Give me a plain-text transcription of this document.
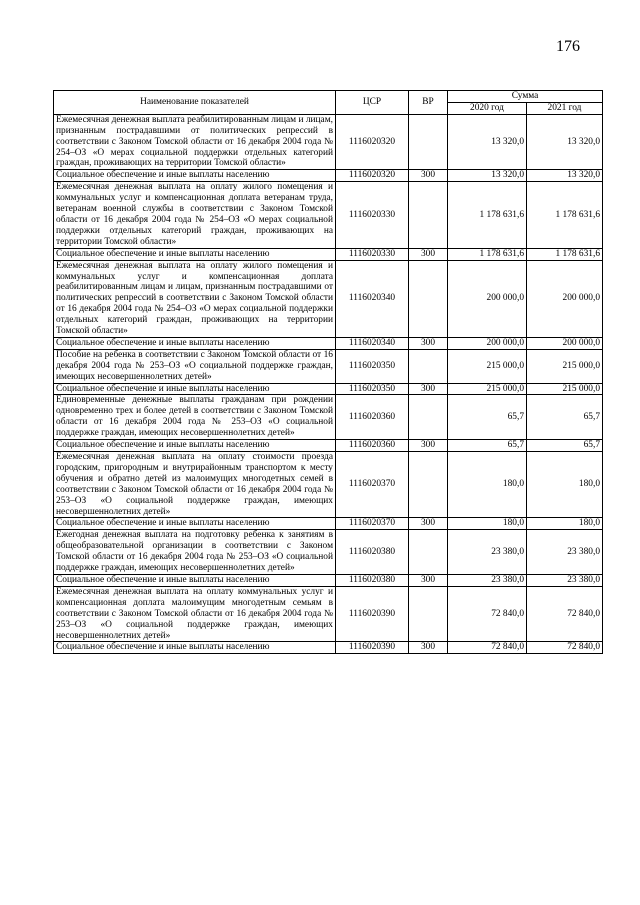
176
Наименование показателей	ЦСР	ВР	Сумма	
			2020 год	2021 год
Ежемесячная денежная выплата реабилитированным лицам и лицам, признанным пострадавшими от политических репрессий в соответствии с Законом Томской области от 16 декабря 2004 года № 254–ОЗ «О мерах социальной поддержки отдельных категорий граждан, проживающих на территории Томской области»	1116020320		13 320,0	13 320,0
Социальное обеспечение и иные выплаты населению	1116020320	300	13 320,0	13 320,0
Ежемесячная денежная выплата на оплату жилого помещения и коммунальных услуг и компенсационная доплата ветеранам труда, ветеранам военной службы в соответствии с Законом Томской области от 16 декабря 2004 года № 254–ОЗ «О мерах социальной поддержки отдельных категорий граждан, проживающих на территории Томской области»	1116020330		1 178 631,6	1 178 631,6
Социальное обеспечение и иные выплаты населению	1116020330	300	1 178 631,6	1 178 631,6
Ежемесячная денежная выплата на оплату жилого помещения и коммунальных услуг и компенсационная доплата реабилитированным лицам и лицам, признанным пострадавшими от политических репрессий в соответствии с Законом Томской области от 16 декабря 2004 года № 254–ОЗ «О мерах социальной поддержки отдельных категорий граждан, проживающих на территории Томской области»	1116020340		200 000,0	200 000,0
Социальное обеспечение и иные выплаты населению	1116020340	300	200 000,0	200 000,0
Пособие на ребенка в соответствии с Законом Томской области от 16 декабря 2004 года № 253–ОЗ «О социальной поддержке граждан, имеющих несовершеннолетних детей»	1116020350		215 000,0	215 000,0
Социальное обеспечение и иные выплаты населению	1116020350	300	215 000,0	215 000,0
Единовременные денежные выплаты гражданам при рождении одновременно трех и более детей в соответствии с Законом Томской области от 16 декабря 2004 года № 253–ОЗ «О социальной поддержке граждан, имеющих несовершеннолетних детей»	1116020360		65,7	65,7
Социальное обеспечение и иные выплаты населению	1116020360	300	65,7	65,7
Ежемесячная денежная выплата на оплату стоимости проезда городским, пригородным и внутрирайонным транспортом к месту обучения и обратно детей из малоимущих многодетных семей в соответствии с Законом Томской области от 16 декабря 2004 года № 253–ОЗ «О социальной поддержке граждан, имеющих несовершеннолетних детей»	1116020370		180,0	180,0
Социальное обеспечение и иные выплаты населению	1116020370	300	180,0	180,0
Ежегодная денежная выплата на подготовку ребенка к занятиям в общеобразовательной организации в соответствии с Законом Томской области от 16 декабря 2004 года № 253–ОЗ «О социальной поддержке граждан, имеющих несовершеннолетних детей»	1116020380		23 380,0	23 380,0
Социальное обеспечение и иные выплаты населению	1116020380	300	23 380,0	23 380,0
Ежемесячная денежная выплата на оплату коммунальных услуг и компенсационная доплата малоимущим многодетным семьям в соответствии с Законом Томской области от 16 декабря 2004 года № 253–ОЗ «О социальной поддержке граждан, имеющих несовершеннолетних детей»	1116020390		72 840,0	72 840,0
Социальное обеспечение и иные выплаты населению	1116020390	300	72 840,0	72 840,0
